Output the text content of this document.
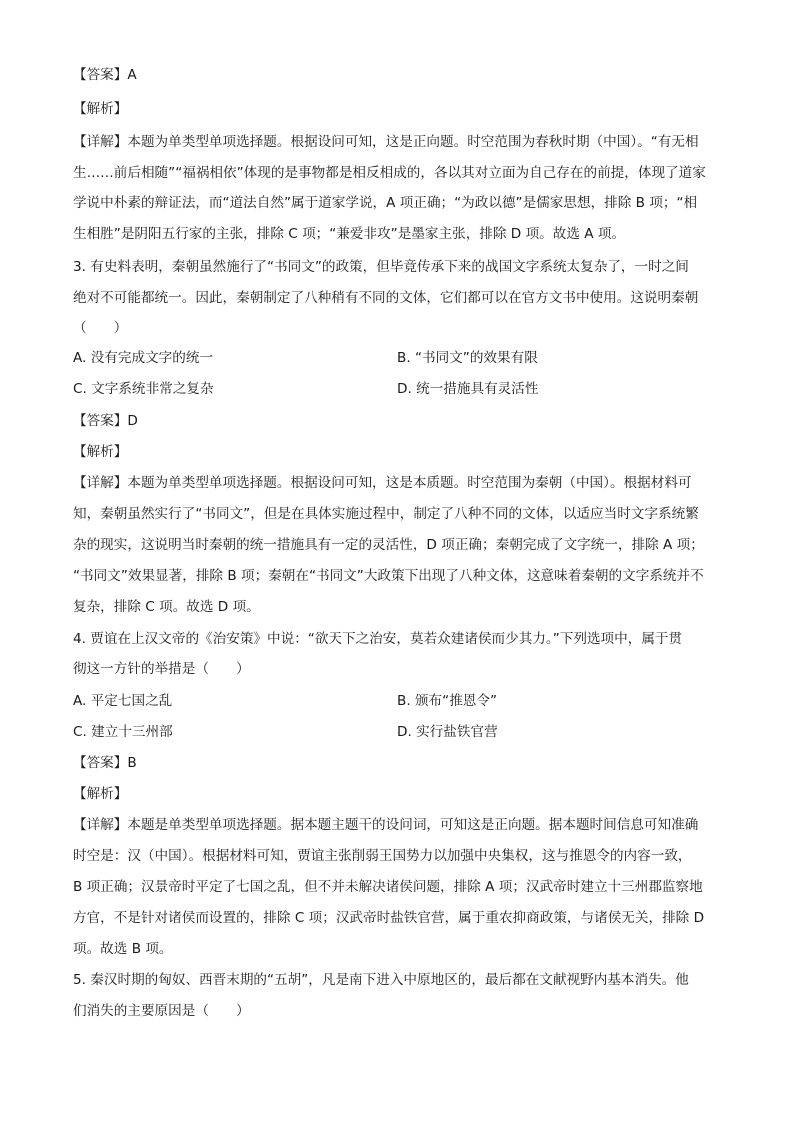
【答案】A
【解析】
【详解】本题为单类型单项选择题。根据设问可知，这是正向题。时空范围为春秋时期（中国）。“有无相
生……前后相随”“福祸相依”体现的是事物都是相反相成的，各以其对立面为自己存在的前提，体现了道家
学说中朴素的辩证法，而“道法自然”属于道家学说，A 项正确；“为政以德”是儒家思想，排除 B 项；“相
生相胜”是阴阳五行家的主张，排除 C 项；“兼爱非攻”是墨家主张，排除 D 项。故选 A 项。
3. 有史料表明，秦朝虽然施行了“书同文”的政策，但毕竟传承下来的战国文字系统太复杂了，一时之间
绝对不可能都统一。因此，秦朝制定了八种稍有不同的文体，它们都可以在官方文书中使用。这说明秦朝
（　　）
A. 没有完成文字的统一	B. “书同文”的效果有限
C. 文字系统非常之复杂	D. 统一措施具有灵活性
【答案】D
【解析】
【详解】本题为单类型单项选择题。根据设问可知，这是本质题。时空范围为秦朝（中国）。根据材料可
知，秦朝虽然实行了“书同文”，但是在具体实施过程中，制定了八种不同的文体，以适应当时文字系统繁
杂的现实，这说明当时秦朝的统一措施具有一定的灵活性，D 项正确；秦朝完成了文字统一，排除 A 项；
“书同文”效果显著，排除 B 项；秦朝在“书同文”大政策下出现了八种文体，这意味着秦朝的文字系统并不
复杂，排除 C 项。故选 D 项。
4. 贾谊在上汉文帝的《治安策》中说：“欲天下之治安，莫若众建诸侯而少其力。”下列选项中，属于贯
彻这一方针的举措是（　　）
A. 平定七国之乱	B. 颁布“推恩令”
C. 建立十三州部	D. 实行盐铁官营
【答案】B
【解析】
【详解】本题是单类型单项选择题。据本题主题干的设问词，可知这是正向题。据本题时间信息可知准确
时空是：汉（中国）。根据材料可知，贾谊主张削弱王国势力以加强中央集权，这与推恩令的内容一致，
B 项正确；汉景帝时平定了七国之乱，但不并未解决诸侯问题，排除 A 项；汉武帝时建立十三州郡监察地
方官，不是针对诸侯而设置的，排除 C 项；汉武帝时盐铁官营，属于重农抑商政策，与诸侯无关，排除 D
项。故选 B 项。
5. 秦汉时期的匈奴、西晋末期的“五胡”，凡是南下进入中原地区的，最后都在文献视野内基本消失。他
们消失的主要原因是（　　）
